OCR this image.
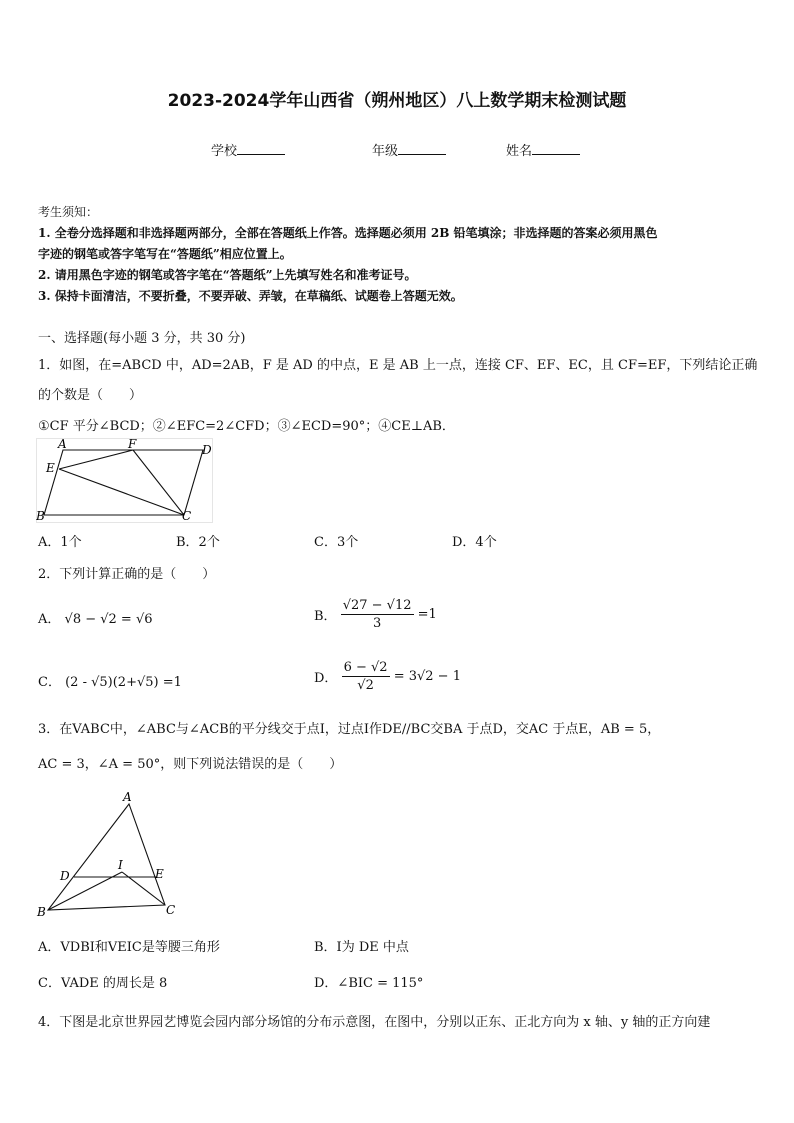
2023-2024学年山西省（朔州地区）八上数学期末检测试题
学校	年级	姓名
考生须知：
1. 全卷分选择题和非选择题两部分，全部在答题纸上作答。选择题必须用 2B 铅笔填涂；非选择题的答案必须用黑色
字迹的钢笔或答字笔写在“答题纸”相应位置上。
2. 请用黑色字迹的钢笔或答字笔在“答题纸”上先填写姓名和准考证号。
3. 保持卡面清洁，不要折叠，不要弄破、弄皱，在草稿纸、试题卷上答题无效。
一、选择题(每小题 3 分，共 30 分)
1．如图，在=ABCD 中，AD=2AB，F 是 AD 的中点，E 是 AB 上一点，连接 CF、EF、EC，且 CF=EF，下列结论正确
的个数是（　　）
①CF 平分∠BCD；②∠EFC=2∠CFD；③∠ECD=90°；④CE⊥AB．
A	F	D
E
B	C
A．1个	B．2个	C．3个	D．4个
2．下列计算正确的是（　　）
A． √8 − √2 = √6	B． $\frac{√27 - √12}{3} =1$
C． (2 - √5)(2+√5) =1	D． $\frac{6 - √2}{√2} = 3√2 - 1$
3．在VABC中，∠ABC与∠ACB的平分线交于点I，过点I作DE//BC交BA 于点D，交AC 于点E，AB = 5，
AC = 3，∠A = 50°，则下列说法错误的是（　　）
A
D
I
E
B	C
A．VDBI和VEIC是等腰三角形	B．I为 DE 中点
C．VADE 的周长是 8	D．∠BIC = 115°
4．下图是北京世界园艺博览会园内部分场馆的分布示意图，在图中，分别以正东、正北方向为 x 轴、y 轴的正方向建
